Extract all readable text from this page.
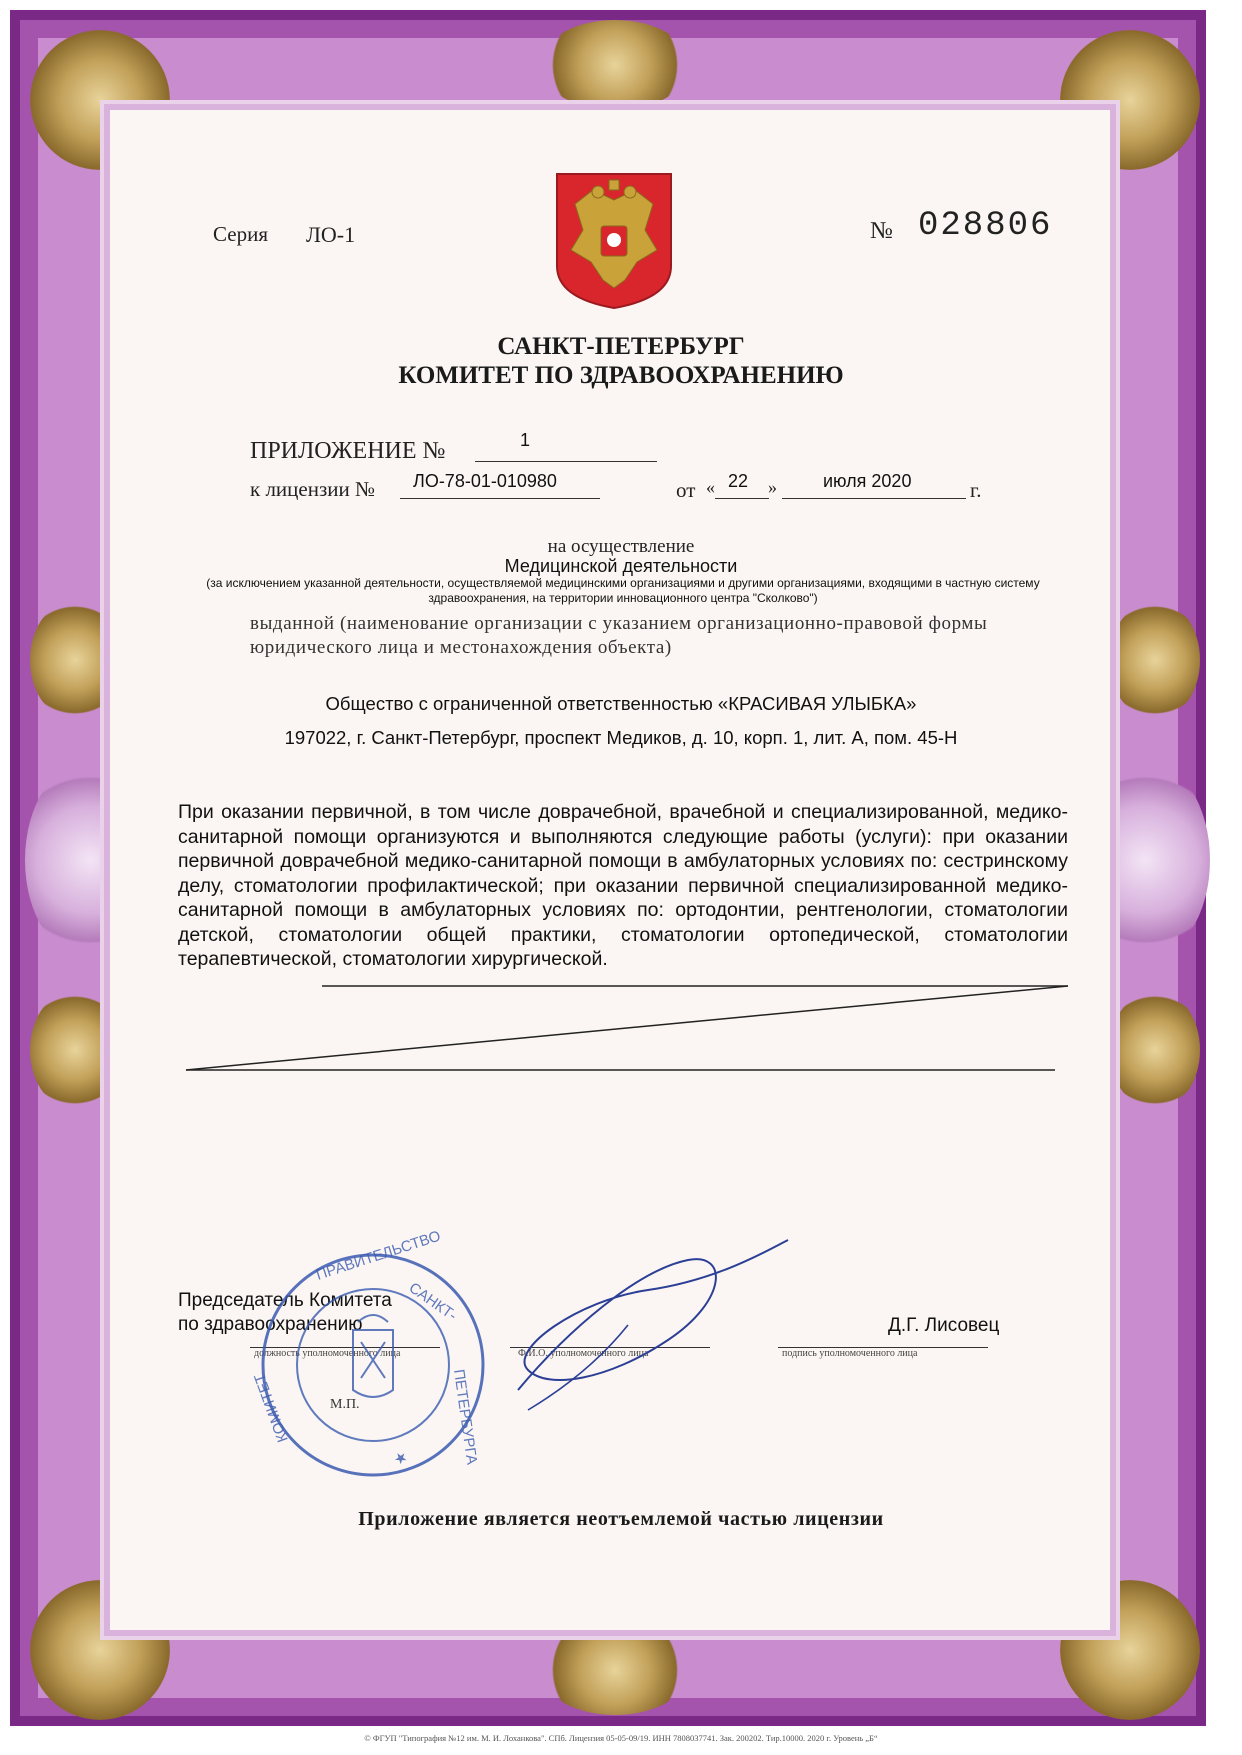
Серия ЛО-1	№ 028806
САНКТ-ПЕТЕРБУРГ
КОМИТЕТ ПО ЗДРАВООХРАНЕНИЮ
ПРИЛОЖЕНИЕ №	1
к лицензии № ЛО-78-01-010980	от « 22 »	июля 2020	г.
на осуществление
Медицинской деятельности
(за исключением указанной деятельности, осуществляемой медицинскими организациями и другими организациями, входящими в частную систему здравоохранения, на территории инновационного центра "Сколково")
выданной (наименование организации с указанием организационно-правовой формы юридического лица и местонахождения объекта)
Общество с ограниченной ответственностью «КРАСИВАЯ УЛЫБКА»
197022, г. Санкт-Петербург, проспект Медиков, д. 10, корп. 1, лит. А, пом. 45-Н
При оказании первичной, в том числе доврачебной, врачебной и специализированной, медико-санитарной помощи организуются и выполняются следующие работы (услуги): при оказании первичной доврачебной медико-санитарной помощи в амбулаторных условиях по: сестринскому делу, стоматологии профилактической; при оказании первичной специализированной медико-санитарной помощи в амбулаторных условиях по: ортодонтии, рентгенологии, стоматологии детской, стоматологии общей практики, стоматологии ортопедической, стоматологии терапевтической, стоматологии хирургической.
Председатель Комитета
по здравоохранению
должность уполномоченного лица	Ф.И.О. уполномоченного лица
Д.Г. Лисовец
подпись уполномоченного лица
М.П.
ПРАВИТЕЛЬСТВО
САНКТ-
ПЕТЕРБУРГА
КОМИТЕТ
★
Приложение является неотъемлемой частью лицензии
© ФГУП "Типография №12 им. М. И. Лоханкова". СПб. Лицензия 05-05-09/19. ИНН 7808037741. Зак. 200202. Тир.10000. 2020 г. Уровень „Б“
